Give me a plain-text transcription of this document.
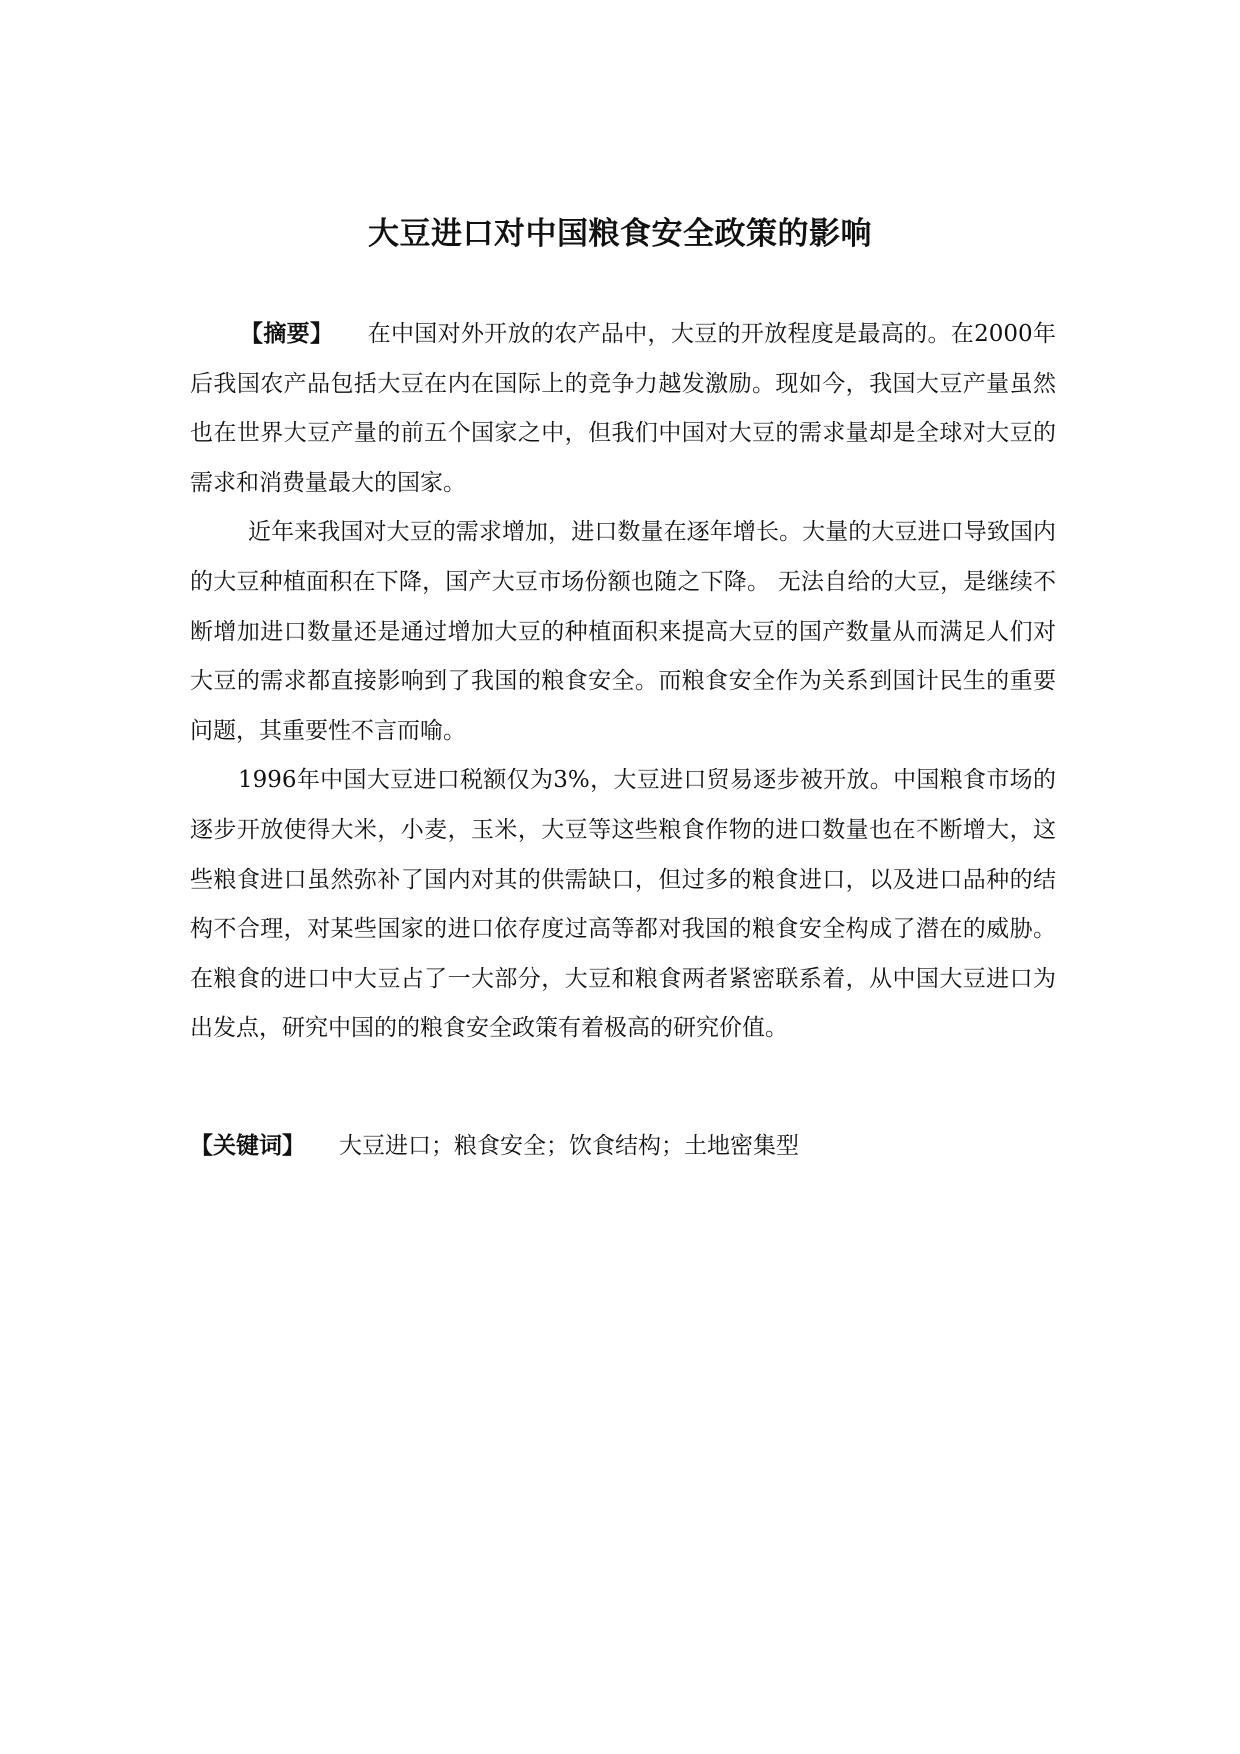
大豆进口对中国粮食安全政策的影响

【摘要】 在中国对外开放的农产品中，大豆的开放程度是最高的。在2000年后我国农产品包括大豆在内在国际上的竞争力越发激励。现如今，我国大豆产量虽然也在世界大豆产量的前五个国家之中，但我们中国对大豆的需求量却是全球对大豆的需求和消费量最大的国家。

近年来我国对大豆的需求增加，进口数量在逐年增长。大量的大豆进口导致国内的大豆种植面积在下降，国产大豆市场份额也随之下降。 无法自给的大豆，是继续不断增加进口数量还是通过增加大豆的种植面积来提高大豆的国产数量从而满足人们对大豆的需求都直接影响到了我国的粮食安全。而粮食安全作为关系到国计民生的重要问题，其重要性不言而喻。

1996年中国大豆进口税额仅为3%，大豆进口贸易逐步被开放。中国粮食市场的逐步开放使得大米，小麦，玉米，大豆等这些粮食作物的进口数量也在不断增大，这些粮食进口虽然弥补了国内对其的供需缺口，但过多的粮食进口，以及进口品种的结构不合理，对某些国家的进口依存度过高等都对我国的粮食安全构成了潜在的威胁。在粮食的进口中大豆占了一大部分，大豆和粮食两者紧密联系着，从中国大豆进口为出发点，研究中国的的粮食安全政策有着极高的研究价值。

【关键词】 大豆进口；粮食安全；饮食结构；土地密集型
